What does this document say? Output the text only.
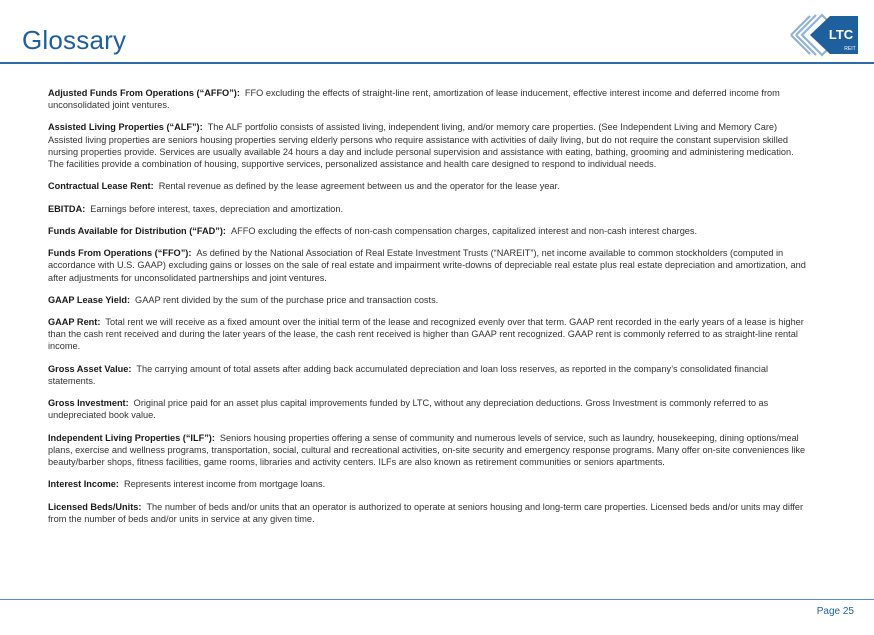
Glossary	LTC
REIT

Adjusted Funds From Operations (“AFFO”): FFO excluding the effects of straight-line rent, amortization of lease inducement, effective interest income and deferred income from unconsolidated joint ventures.

Assisted Living Properties (“ALF”): The ALF portfolio consists of assisted living, independent living, and/or memory care properties. (See Independent Living and Memory Care) Assisted living properties are seniors housing properties serving elderly persons who require assistance with activities of daily living, but do not require the constant supervision skilled nursing properties provide. Services are usually available 24 hours a day and include personal supervision and assistance with eating, bathing, grooming and administering medication. The facilities provide a combination of housing, supportive services, personalized assistance and health care designed to respond to individual needs.

Contractual Lease Rent: Rental revenue as defined by the lease agreement between us and the operator for the lease year.

EBITDA: Earnings before interest, taxes, depreciation and amortization.

Funds Available for Distribution (“FAD”): AFFO excluding the effects of non-cash compensation charges, capitalized interest and non-cash interest charges.

Funds From Operations (“FFO”): As defined by the National Association of Real Estate Investment Trusts (“NAREIT”), net income available to common stockholders (computed in accordance with U.S. GAAP) excluding gains or losses on the sale of real estate and impairment write-downs of depreciable real estate plus real estate depreciation and amortization, and after adjustments for unconsolidated partnerships and joint ventures.

GAAP Lease Yield: GAAP rent divided by the sum of the purchase price and transaction costs.

GAAP Rent: Total rent we will receive as a fixed amount over the initial term of the lease and recognized evenly over that term. GAAP rent recorded in the early years of a lease is higher than the cash rent received and during the later years of the lease, the cash rent received is higher than GAAP rent recognized. GAAP rent is commonly referred to as straight-line rental income.

Gross Asset Value: The carrying amount of total assets after adding back accumulated depreciation and loan loss reserves, as reported in the company’s consolidated financial statements.

Gross Investment: Original price paid for an asset plus capital improvements funded by LTC, without any depreciation deductions. Gross Investment is commonly referred to as undepreciated book value.

Independent Living Properties (“ILF”): Seniors housing properties offering a sense of community and numerous levels of service, such as laundry, housekeeping, dining options/meal plans, exercise and wellness programs, transportation, social, cultural and recreational activities, on-site security and emergency response programs. Many offer on-site conveniences like beauty/barber shops, fitness facilities, game rooms, libraries and activity centers. ILFs are also known as retirement communities or seniors apartments.

Interest Income: Represents interest income from mortgage loans.

Licensed Beds/Units: The number of beds and/or units that an operator is authorized to operate at seniors housing and long-term care properties. Licensed beds and/or units may differ from the number of beds and/or units in service at any given time.

Page 25
